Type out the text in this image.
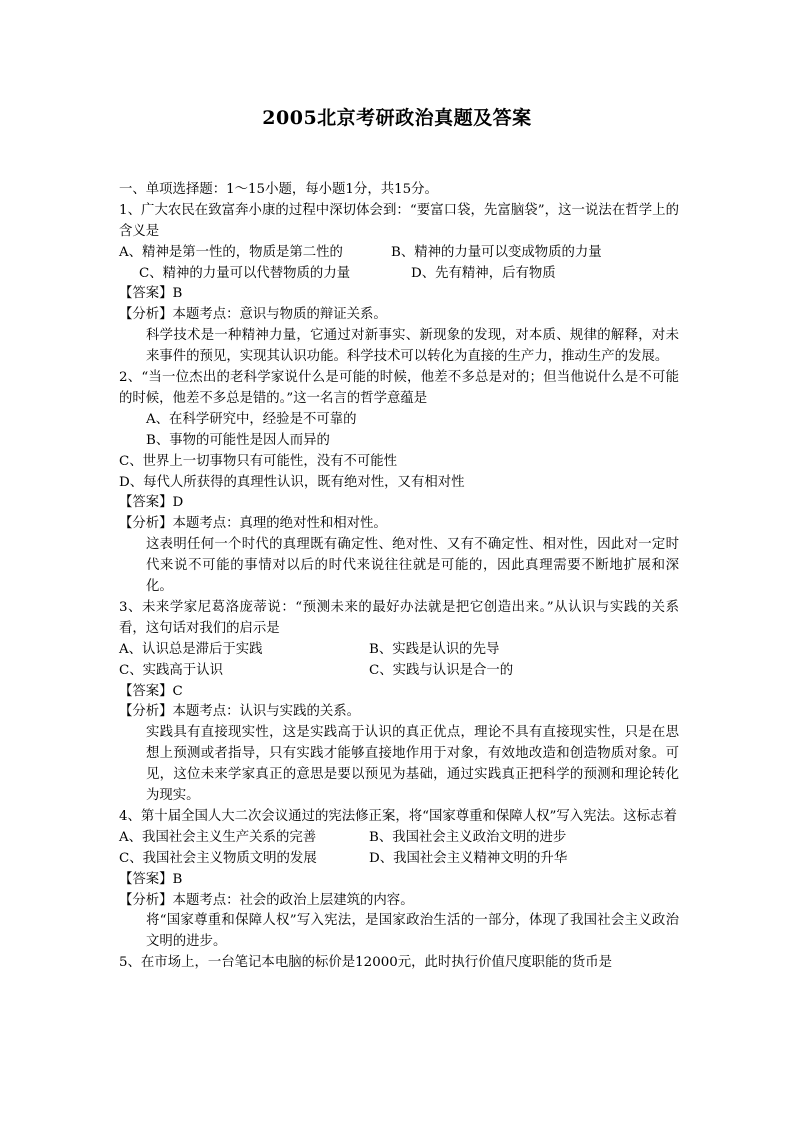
2005北京考研政治真题及答案
一、单项选择题：1～15小题，每小题1分，共15分。
1、广大农民在致富奔小康的过程中深切体会到：“要富口袋，先富脑袋”，这一说法在哲学上的含义是
A、精神是第一性的，物质是第二性的	B、精神的力量可以变成物质的力量
C、精神的力量可以代替物质的力量	D、先有精神，后有物质
【答案】B
【分析】本题考点：意识与物质的辩证关系。
科学技术是一种精神力量，它通过对新事实、新现象的发现，对本质、规律的解释，对未来事件的预见，实现其认识功能。科学技术可以转化为直接的生产力，推动生产的发展。
2、“当一位杰出的老科学家说什么是可能的时候，他差不多总是对的；但当他说什么是不可能的时候，他差不多总是错的。”这一名言的哲学意蕴是
A、在科学研究中，经验是不可靠的
B、事物的可能性是因人而异的
C、世界上一切事物只有可能性，没有不可能性
D、每代人所获得的真理性认识，既有绝对性，又有相对性
【答案】D
【分析】本题考点：真理的绝对性和相对性。
这表明任何一个时代的真理既有确定性、绝对性、又有不确定性、相对性，因此对一定时代来说不可能的事情对以后的时代来说往往就是可能的，因此真理需要不断地扩展和深化。
3、未来学家尼葛洛庞蒂说：“预测未来的最好办法就是把它创造出来。”从认识与实践的关系看，这句话对我们的启示是
A、认识总是滞后于实践	B、实践是认识的先导
C、实践高于认识	C、实践与认识是合一的
【答案】C
【分析】本题考点：认识与实践的关系。
实践具有直接现实性，这是实践高于认识的真正优点，理论不具有直接现实性，只是在思想上预测或者指导，只有实践才能够直接地作用于对象，有效地改造和创造物质对象。可见，这位未来学家真正的意思是要以预见为基础，通过实践真正把科学的预测和理论转化为现实。
4、第十届全国人大二次会议通过的宪法修正案，将“国家尊重和保障人权”写入宪法。这标志着
A、我国社会主义生产关系的完善	B、我国社会主义政治文明的进步
C、我国社会主义物质文明的发展	D、我国社会主义精神文明的升华
【答案】B
【分析】本题考点：社会的政治上层建筑的内容。
将“国家尊重和保障人权”写入宪法，是国家政治生活的一部分，体现了我国社会主义政治文明的进步。
5、在市场上，一台笔记本电脑的标价是12000元，此时执行价值尺度职能的货币是
